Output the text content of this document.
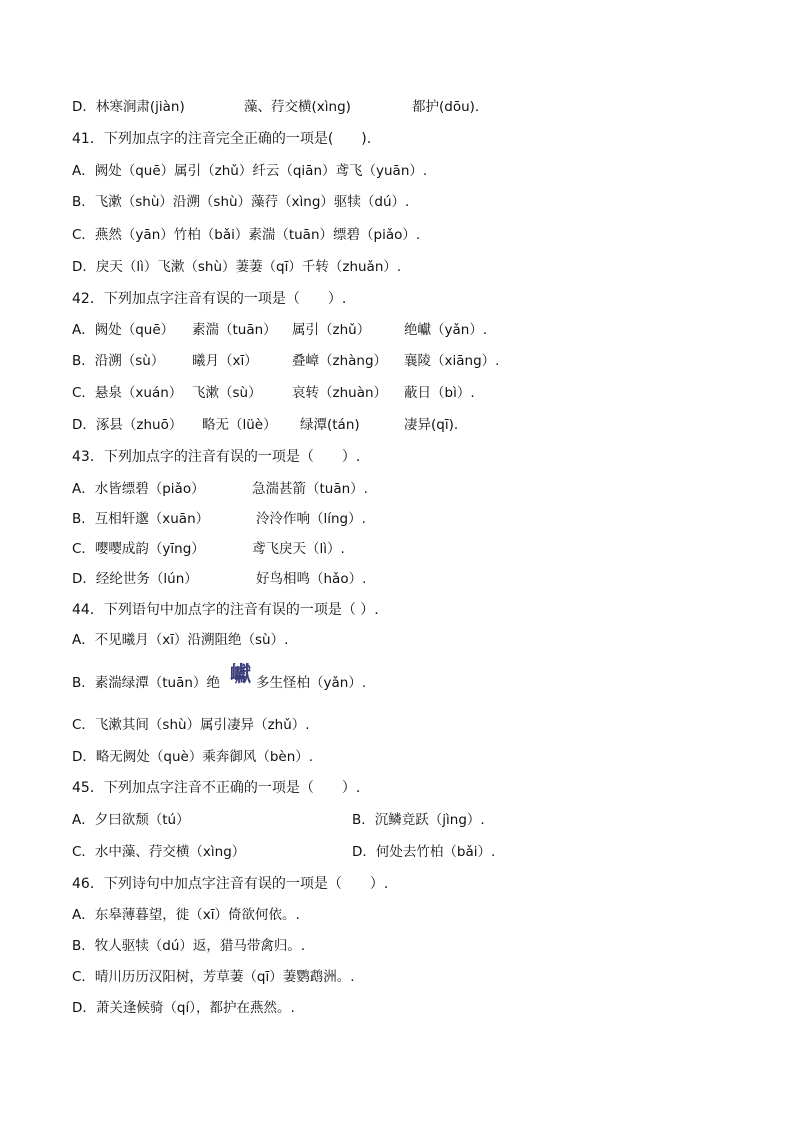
D．林寒涧肃(jiàn)	藻、荇交横(xìng)	都护(dōu).
41．下列加点字的注音完全正确的一项是(　　).
A．阙处（quē）属引（zhǔ）纤云（qiān）鸢飞（yuān）.
B．飞漱（shù）沿溯（shù）藻荇（xìng）驱犊（dú）.
C．燕然（yān）竹柏（bǎi）素湍（tuān）缥碧（piǎo）.
D．戾天（lì）飞漱（shù）萋萋（qī）千转（zhuǎn）.
42．下列加点字注音有误的一项是（　　）.
A．阙处（quē） 素湍（tuān） 属引（zhǔ）	绝巘（yǎn）.
B．沿溯（sù） 曦月（xī）	叠嶂（zhàng） 襄陵（xiāng）.
C．悬泉（xuán） 飞漱（sù） 哀转（zhuàn） 蔽日（bì）.
D．涿县（zhuō） 略无（lüè） 绿潭(tán)	凄异(qī).
43．下列加点字的注音有误的一项是（　　）.
A．水皆缥碧（piǎo）	急湍甚箭（tuān）.
B．互相轩邈（xuān）	泠泠作响（líng）.
C．嘤嘤成韵（yīng）	鸢飞戾天（lì）.
D．经纶世务（lún）	好鸟相鸣（hǎo）.
44．下列语句中加点字的注音有误的一项是（ ）.
A．不见曦月（xī）沿溯阻绝（sù）.
B．素湍绿潭（tuān）绝	多生怪柏（yǎn）.
C．飞漱其间（shù）属引凄异（zhǔ）.
D．略无阙处（què）乘奔御风（bèn）.
45．下列加点字注音不正确的一项是（　　）.
A．夕曰欲颓（tú）	B．沉鳞竞跃（jìng）.
C．水中藻、荇交横（xìng）	D．何处去竹柏（bǎi）.
46．下列诗句中加点字注音有误的一项是（　　）.
A．东皋薄暮望，徙（xī）倚欲何依。.
B．牧人驱犊（dú）返，猎马带禽归。.
C．晴川历历汉阳树，芳草萋（qī）萋鹦鹉洲。.
D．萧关逢候骑（qí），都护在燕然。.
巘
